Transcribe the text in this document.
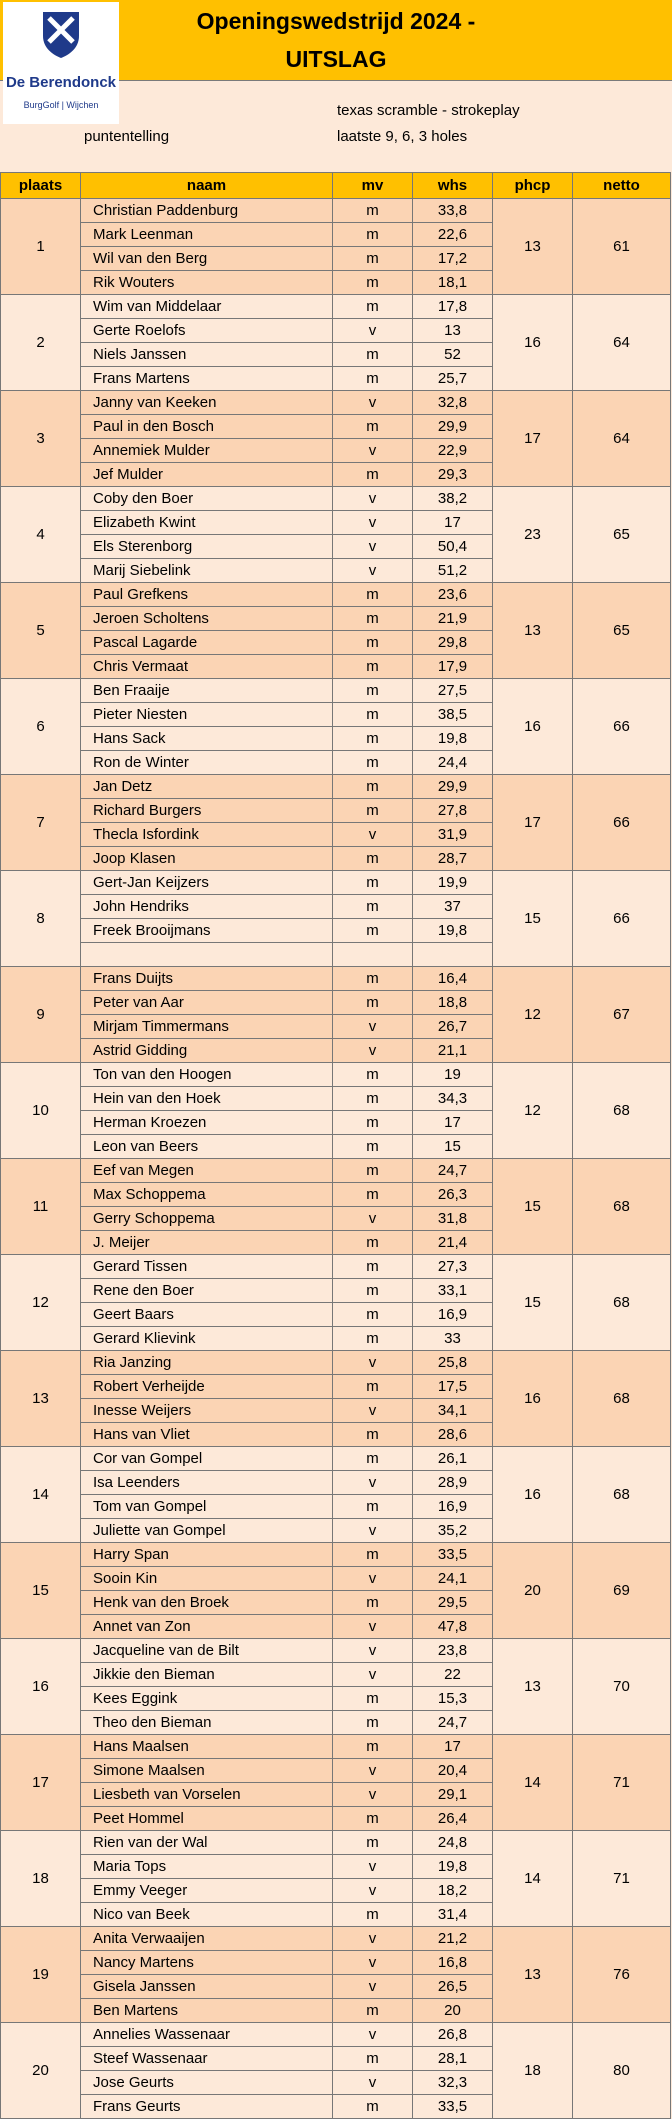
Openingswedstrijd 2024 -
UITSLAG
De Berendonck
BurgGolf | Wijchen	texas scramble - strokeplay
puntentelling	laatste 9, 6, 3 holes
plaats	naam	mv	whs	phcp	netto
1	Christian Paddenburg	m	33,8	13	61
	Mark Leenman	m	22,6		
	Wil van den Berg	m	17,2		
	Rik Wouters	m	18,1		
2	Wim van Middelaar	m	17,8	16	64
	Gerte Roelofs	v	13		
	Niels Janssen	m	52		
	Frans Martens	m	25,7		
3	Janny van Keeken	v	32,8	17	64
	Paul in den Bosch	m	29,9		
	Annemiek Mulder	v	22,9		
	Jef Mulder	m	29,3		
4	Coby den Boer	v	38,2	23	65
	Elizabeth Kwint	v	17		
	Els Sterenborg	v	50,4		
	Marij Siebelink	v	51,2		
5	Paul Grefkens	m	23,6	13	65
	Jeroen Scholtens	m	21,9		
	Pascal Lagarde	m	29,8		
	Chris Vermaat	m	17,9		
6	Ben Fraaije	m	27,5	16	66
	Pieter Niesten	m	38,5		
	Hans Sack	m	19,8		
	Ron de Winter	m	24,4		
7	Jan Detz	m	29,9	17	66
	Richard Burgers	m	27,8		
	Thecla Isfordink	v	31,9		
	Joop Klasen	m	28,7		
8	Gert-Jan Keijzers	m	19,9	15	66
	John Hendriks	m	37		
	Freek Brooijmans	m	19,8		

9	Frans Duijts	m	16,4	12	67
	Peter van Aar	m	18,8		
	Mirjam Timmermans	v	26,7		
	Astrid Gidding	v	21,1		
10	Ton van den Hoogen	m	19	12	68
	Hein van den Hoek	m	34,3		
	Herman Kroezen	m	17		
	Leon van Beers	m	15		
11	Eef van Megen	m	24,7	15	68
	Max Schoppema	m	26,3		
	Gerry Schoppema	v	31,8		
	J. Meijer	m	21,4		
12	Gerard Tissen	m	27,3	15	68
	Rene den Boer	m	33,1		
	Geert Baars	m	16,9		
	Gerard Klievink	m	33		
13	Ria Janzing	v	25,8	16	68
	Robert Verheijde	m	17,5		
	Inesse Weijers	v	34,1		
	Hans van Vliet	m	28,6		
14	Cor van Gompel	m	26,1	16	68
	Isa Leenders	v	28,9		
	Tom van Gompel	m	16,9		
	Juliette van Gompel	v	35,2		
15	Harry Span	m	33,5	20	69
	Sooin Kin	v	24,1		
	Henk van den Broek	m	29,5		
	Annet van Zon	v	47,8		
16	Jacqueline van de Bilt	v	23,8	13	70
	Jikkie den Bieman	v	22		
	Kees Eggink	m	15,3		
	Theo den Bieman	m	24,7		
17	Hans Maalsen	m	17	14	71
	Simone Maalsen	v	20,4		
	Liesbeth van Vorselen	v	29,1		
	Peet Hommel	m	26,4		
18	Rien van der Wal	m	24,8	14	71
	Maria Tops	v	19,8		
	Emmy Veeger	v	18,2		
	Nico van Beek	m	31,4		
19	Anita Verwaaijen	v	21,2	13	76
	Nancy Martens	v	16,8		
	Gisela Janssen	v	26,5		
	Ben Martens	m	20		
20	Annelies Wassenaar	v	26,8	18	80
	Steef Wassenaar	m	28,1		
	Jose Geurts	v	32,3		
	Frans Geurts	m	33,5		
